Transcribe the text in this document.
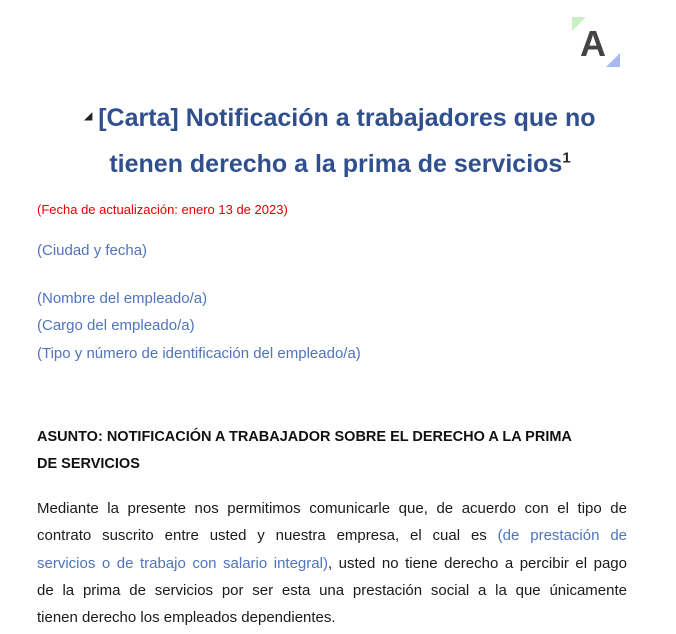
A
◢ [Carta] Notificación a trabajadores que no
tienen derecho a la prima de servicios$^1$
(Fecha de actualización: enero 13 de 2023)
(Ciudad y fecha)
(Nombre del empleado/a)
(Cargo del empleado/a)
(Tipo y número de identificación del empleado/a)
ASUNTO: NOTIFICACIÓN A TRABAJADOR SOBRE EL DERECHO A LA PRIMA
DE SERVICIOS
Mediante la presente nos permitimos comunicarle que, de acuerdo con el tipo de
contrato suscrito entre usted y nuestra empresa, el cual es (de prestación de
servicios o de trabajo con salario integral), usted no tiene derecho a percibir el pago
de la prima de servicios por ser esta una prestación social a la que únicamente
tienen derecho los empleados dependientes.
